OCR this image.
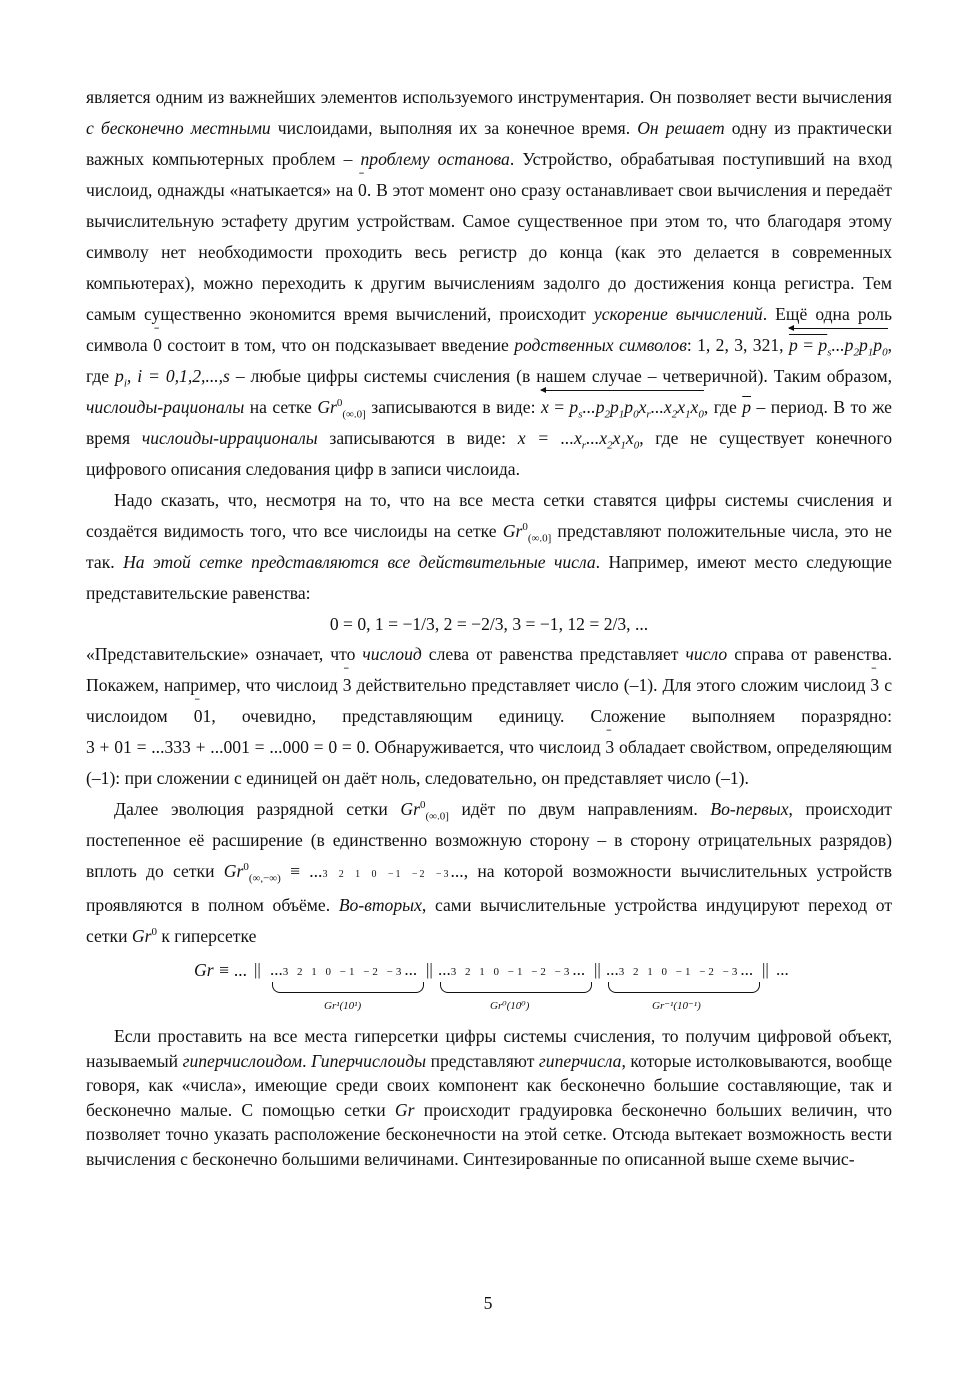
является одним из важнейших элементов используемого инструментария. Он позволяет вести вычисления с бесконечно местными числоидами, выполняя их за конечное время. Он решает одну из практически важных компьютерных проблем – проблему останова. Устройство, обрабатывая поступивший на вход числоид, однажды «натыкается» на ˉ 0. В этот момент оно сразу останавливает свои вычисления и передаёт вычислительную эстафету другим устройствам. Самое существенное при этом то, что благодаря этому символу нет необходимости проходить весь регистр до конца (как это делается в современных компьютерах), можно переходить к другим вычислениям задолго до достижения конца регистра. Тем самым существенно экономится время вычислений, происходит ускорение вычислений. Ещё одна роль символа ˉ 0 состоит в том, что он подсказывает введение родственных символов: 1, 2, 3, 321, $p = p_s...p_2p_1p_0$, где $p_i$, i = 0,1,2,...,s – любые цифры системы счисления (в нашем случае – четверичной). Таким образом, числоиды-рационалы на сетке $Gr^0_{(\infty.0]}$ записываются в виде: $x = p_s...p_2p_1p_0x_r...x_2x_1x_0$, где $\overline{p}$ – период. В то же время числоиды-иррационалы записываются в виде: $x = ...x_r...x_2x_1x_0$, где не существует конечного цифрового описания следования цифр в записи числоида.

Надо сказать, что, несмотря на то, что на все места сетки ставятся цифры системы счисления и создаётся видимость того, что все числоиды на сетке $Gr^0_{(\infty.0]}$ представляют положительные числа, это не так. На этой сетке представляются все действительные числа. Например, имеют место следующие представительские равенства:

0 = 0, 1 = −1/3, 2 = −2/3, 3 = −1, 12 = 2/3, ...

«Представительские» означает, что числоид слева от равенства представляет число справа от равенства. Покажем, например, что числоид ˉ 3 действительно представляет число (–1). Для этого сложим числоид ˉ 3 с числоидом ˉ 01, очевидно, представляющим единицу. Сложение выполняем поразрядно: 3 + 01 = ...333 + ...001 = ...000 = 0 = 0. Обнаруживается, что числоид ˉ 3 обладает свойством, определяющим (–1): при сложении с единицей он даёт ноль, следовательно, он представляет число (–1).

Далее эволюция разрядной сетки $Gr^0_{(\infty.0]}$ идёт по двум направлениям. Во-первых, происходит постепенное её расширение (в единственно возможную сторону – в сторону отрицательных разрядов) вплоть до сетки $Gr^0_{(\infty,-\infty)} \equiv ...3$ 2 1 0 −1 −2 −3..., на которой возможности вычислительных устройств проявляются в полном объёме. Во-вторых, сами вычислительные устройства индуцируют переход от сетки Gr$^0$ к гиперсетке

Gr ≡ ... || ...3 2 1 0 −1 −2 −3...
Gr¹(10¹)
|| ...3 2 1 0 −1 −2 −3...
Gr⁰(10⁰)
|| ...3 2 1 0 −1 −2 −3...
Gr⁻¹(10⁻¹)
|| ...

Если проставить на все места гиперсетки цифры системы счисления, то получим цифровой объект, называемый гиперчислоидом. Гиперчислоиды представляют гиперчисла, которые истолковываются, вообще говоря, как «числа», имеющие среди своих компонент как бесконечно большие составляющие, так и бесконечно малые. С помощью сетки Gr происходит градуировка бесконечно больших величин, что позволяет точно указать расположение бесконечности на этой сетке. Отсюда вытекает возможность вести вычисления с бесконечно большими величинами. Синтезированные по описанной выше схеме вычис-

5
